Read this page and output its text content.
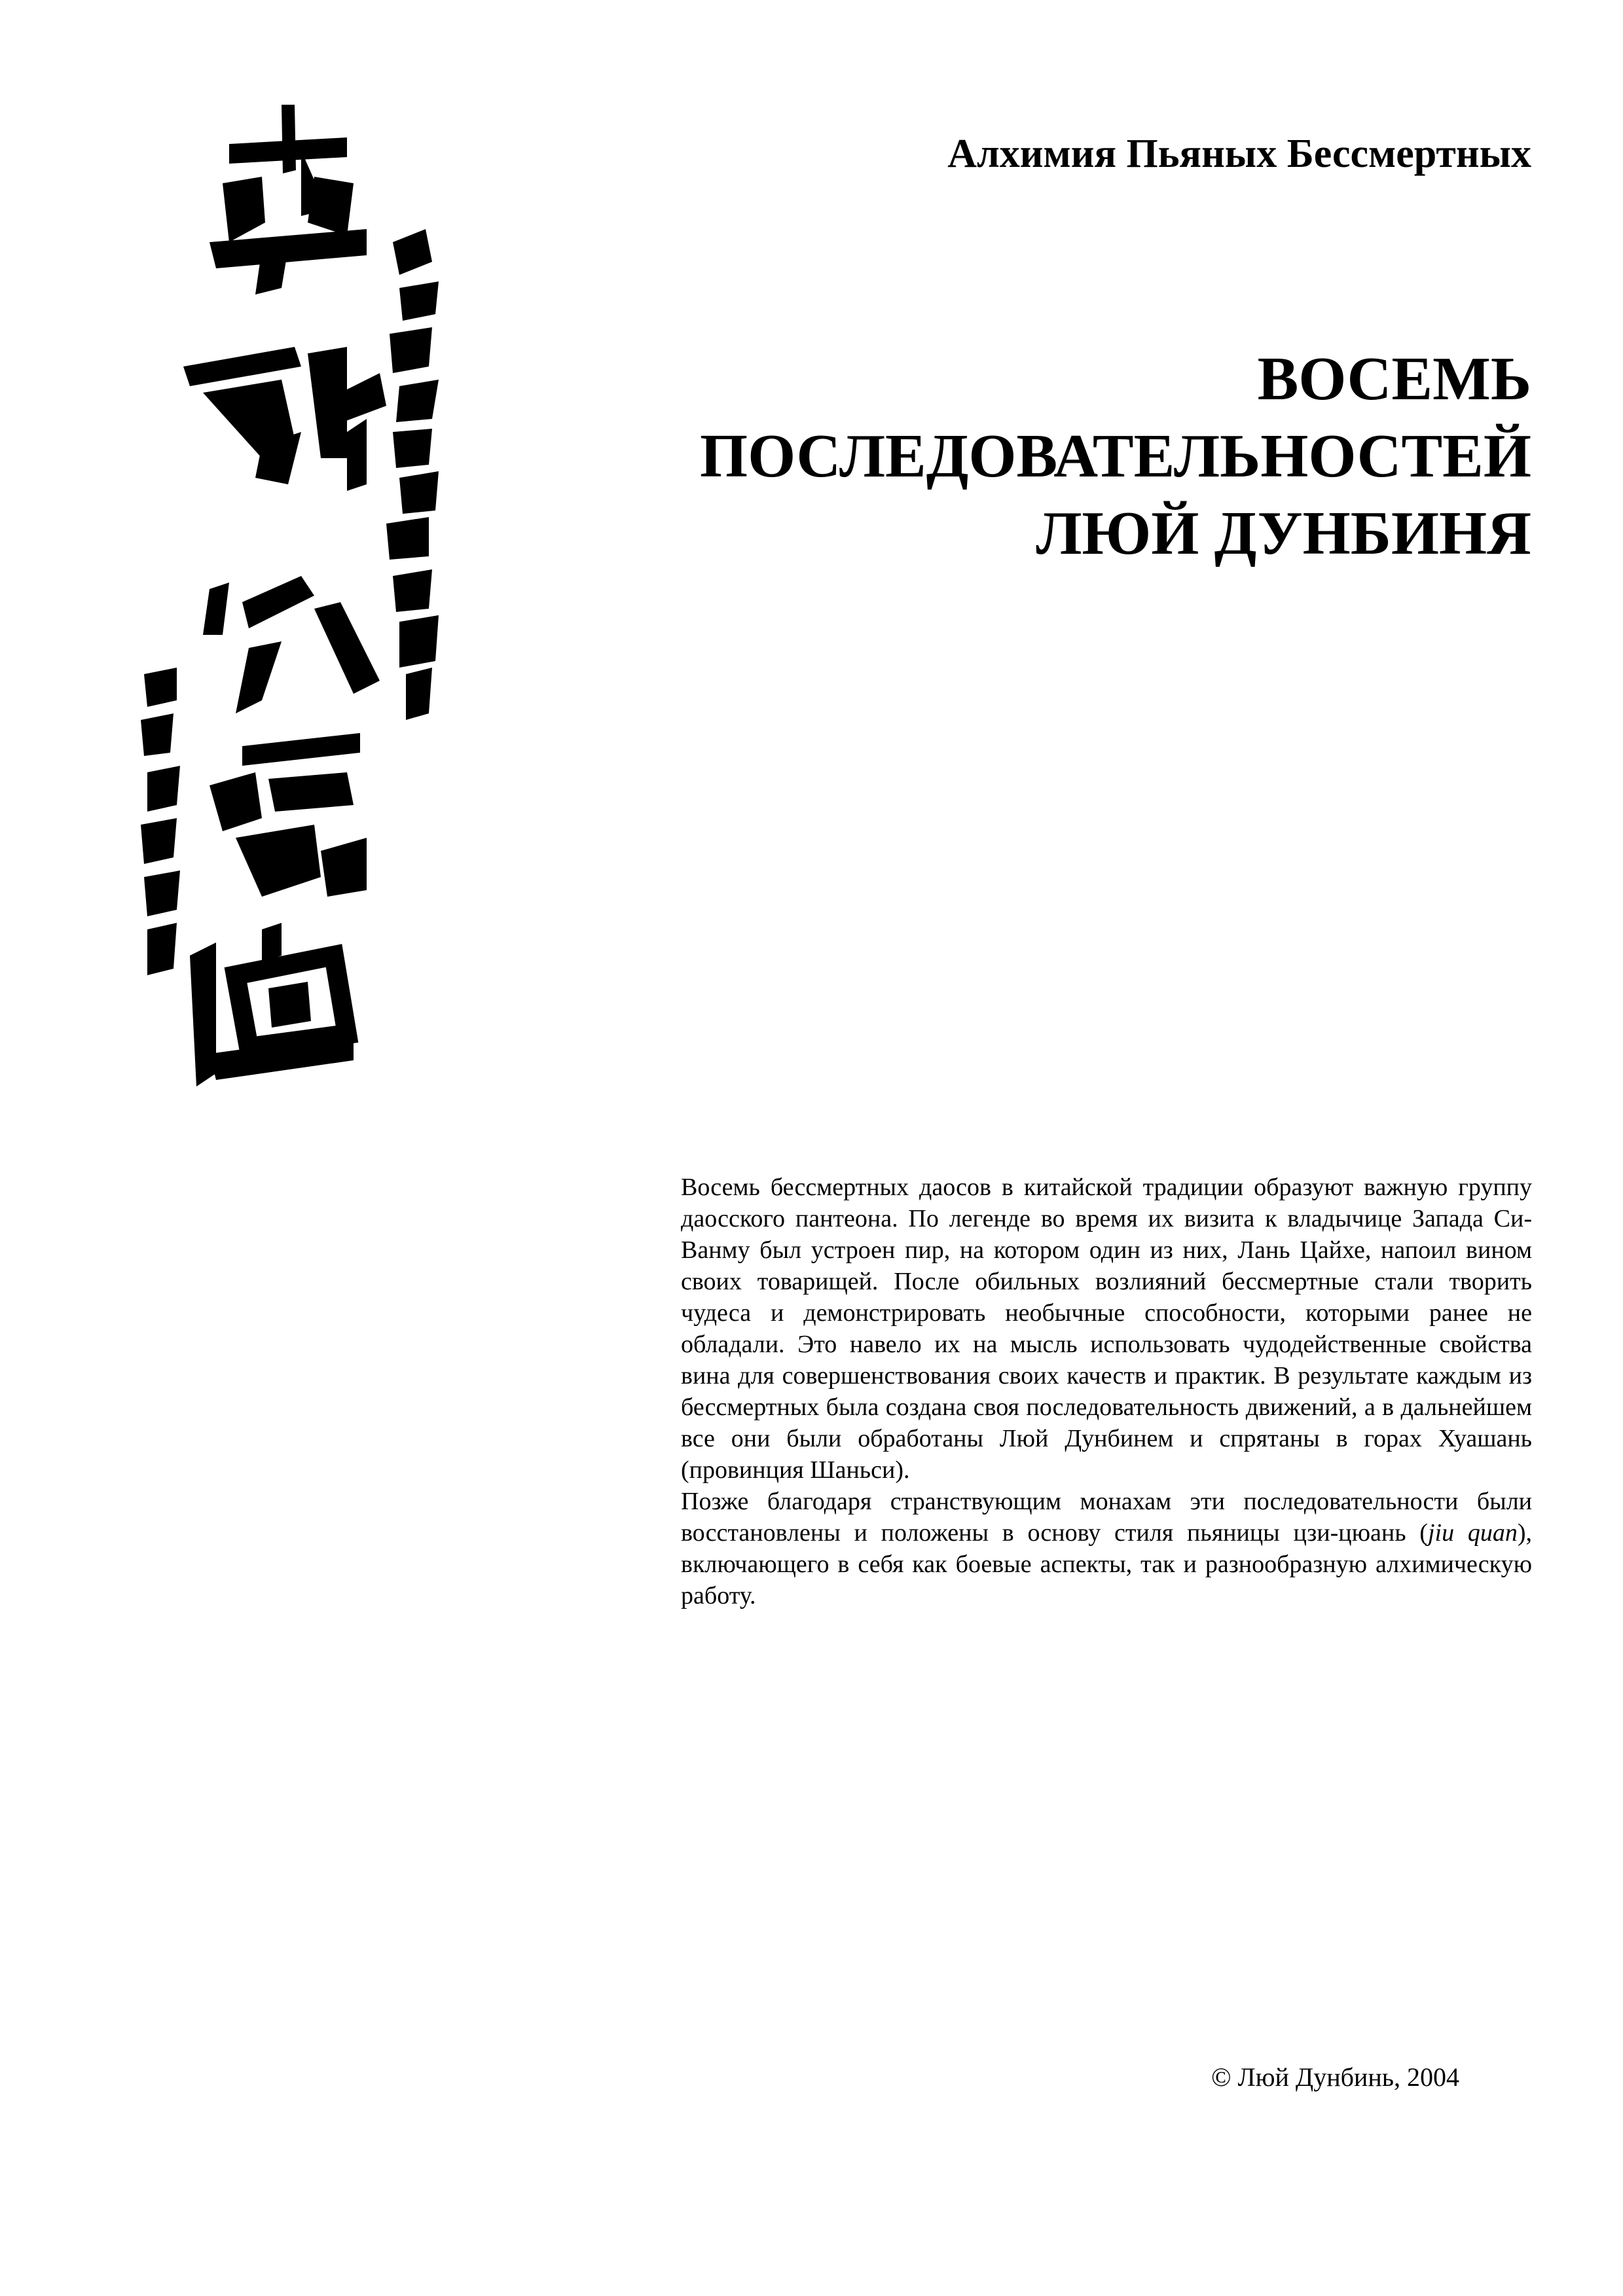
Алхимия Пьяных Бессмертных
ВОСЕМЬ
ПОСЛЕДОВАТЕЛЬНОСТЕЙ
ЛЮЙ ДУНБИНЯ

Восемь бессмертных даосов в китайской традиции образуют важную группу даосского пантеона. По легенде во время их визита к владычице Запада Си-Ванму был устроен пир, на котором один из них, Лань Цайхе, напоил вином своих товарищей. После обильных возлияний бессмертные стали творить чудеса и демонстрировать необычные способности, которыми ранее не обладали. Это навело их на мысль использовать чудодейственные свойства вина для совершенствования своих качеств и практик. В результате каждым из бессмертных была создана своя последовательность движений, а в дальнейшем все они были обработаны Люй Дунбинем и спрятаны в горах Хуашань (провинция Шаньси).

Позже благодаря странствующим монахам эти последовательности были восстановлены и положены в основу стиля пьяницы цзи-цюань (jiu quan), включающего в себя как боевые аспекты, так и разнообразную алхимическую работу.

© Люй Дунбинь, 2004
